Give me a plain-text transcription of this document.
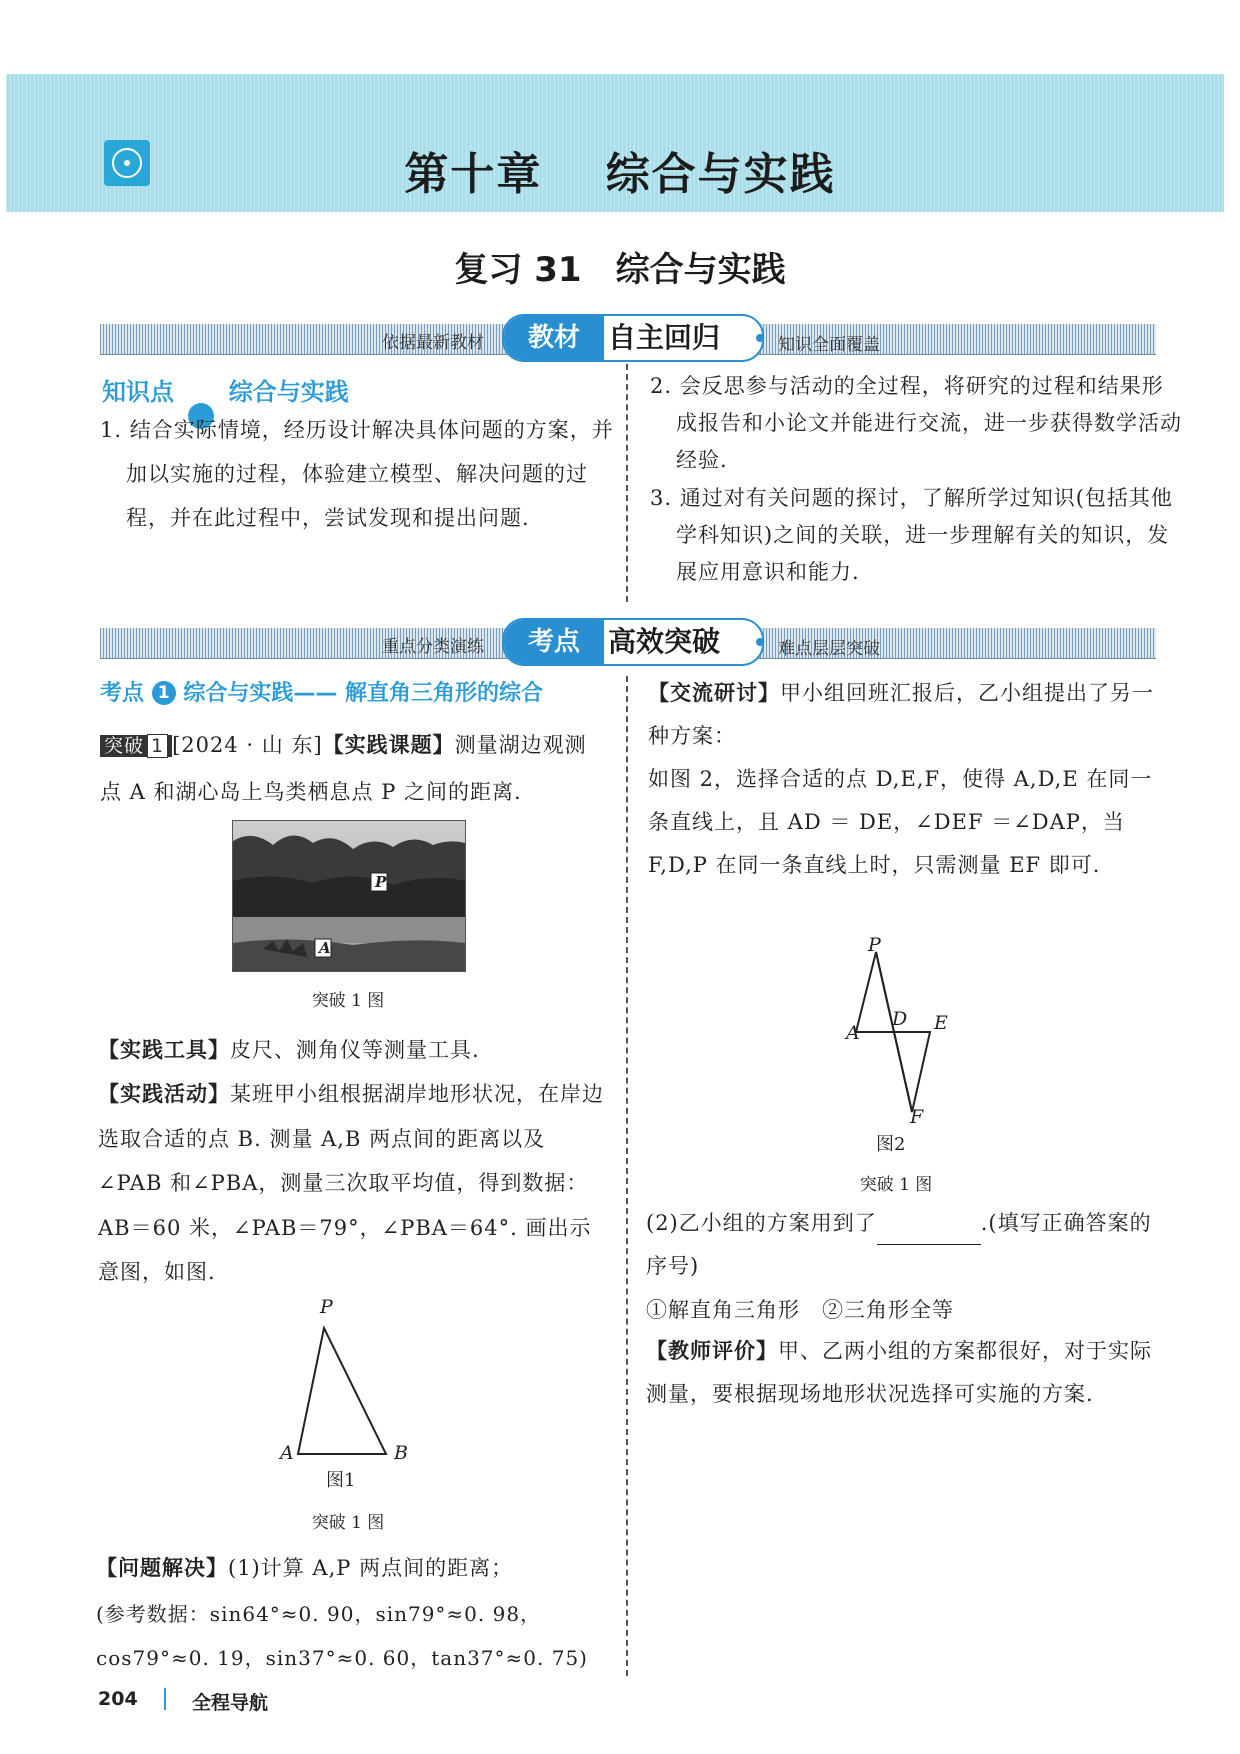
第十章　 综合与实践
复习 31　综合与实践
依据最新教材	教材	自主回归	知识全面覆盖
知识点 综合与实践
1. 结合实际情境，经历设计解决具体问题的方案，并加以实施的过程，体验建立模型、解决问题的过程，并在此过程中，尝试发现和提出问题.
2. 会反思参与活动的全过程，将研究的过程和结果形成报告和小论文并能进行交流，进一步获得数学活动经验.
3. 通过对有关问题的探讨，了解所学过知识(包括其他学科知识)之间的关联，进一步理解有关的知识，发展应用意识和能力.
重点分类演练	考点	高效突破	难点层层突破
考点 1 综合与实践—— 解直角三角形的综合
突破 1 [2024 · 山 东]【实践课题】测量湖边观测点 A 和湖心岛上鸟类栖息点 P 之间的距离.
P
A
突破 1 图
【实践工具】皮尺、测角仪等测量工具.
【实践活动】某班甲小组根据湖岸地形状况，在岸边选取合适的点 B. 测量 A,B 两点间的距离以及∠PAB 和∠PBA，测量三次取平均值，得到数据：AB＝60 米，∠PAB＝79°，∠PBA＝64°. 画出示意图，如图.
P
A	B
图1
突破 1 图
【问题解决】(1)计算 A,P 两点间的距离；
(参考数据：sin64°≈0. 90，sin79°≈0. 98，cos79°≈0. 19，sin37°≈0. 60，tan37°≈0. 75)
【交流研讨】甲小组回班汇报后，乙小组提出了另一种方案：
如图 2，选择合适的点 D,E,F，使得 A,D,E 在同一条直线上，且 AD ＝ DE，∠DEF ＝∠DAP，当 F,D,P 在同一条直线上时，只需测量 EF 即可.
P
A
D E
F
图2
突破 1 图
(2)乙小组的方案用到了	.(填写正确答案的序号)
①解直角三角形　②三角形全等
【教师评价】甲、乙两小组的方案都很好，对于实际测量，要根据现场地形状况选择可实施的方案.
204	全程导航
